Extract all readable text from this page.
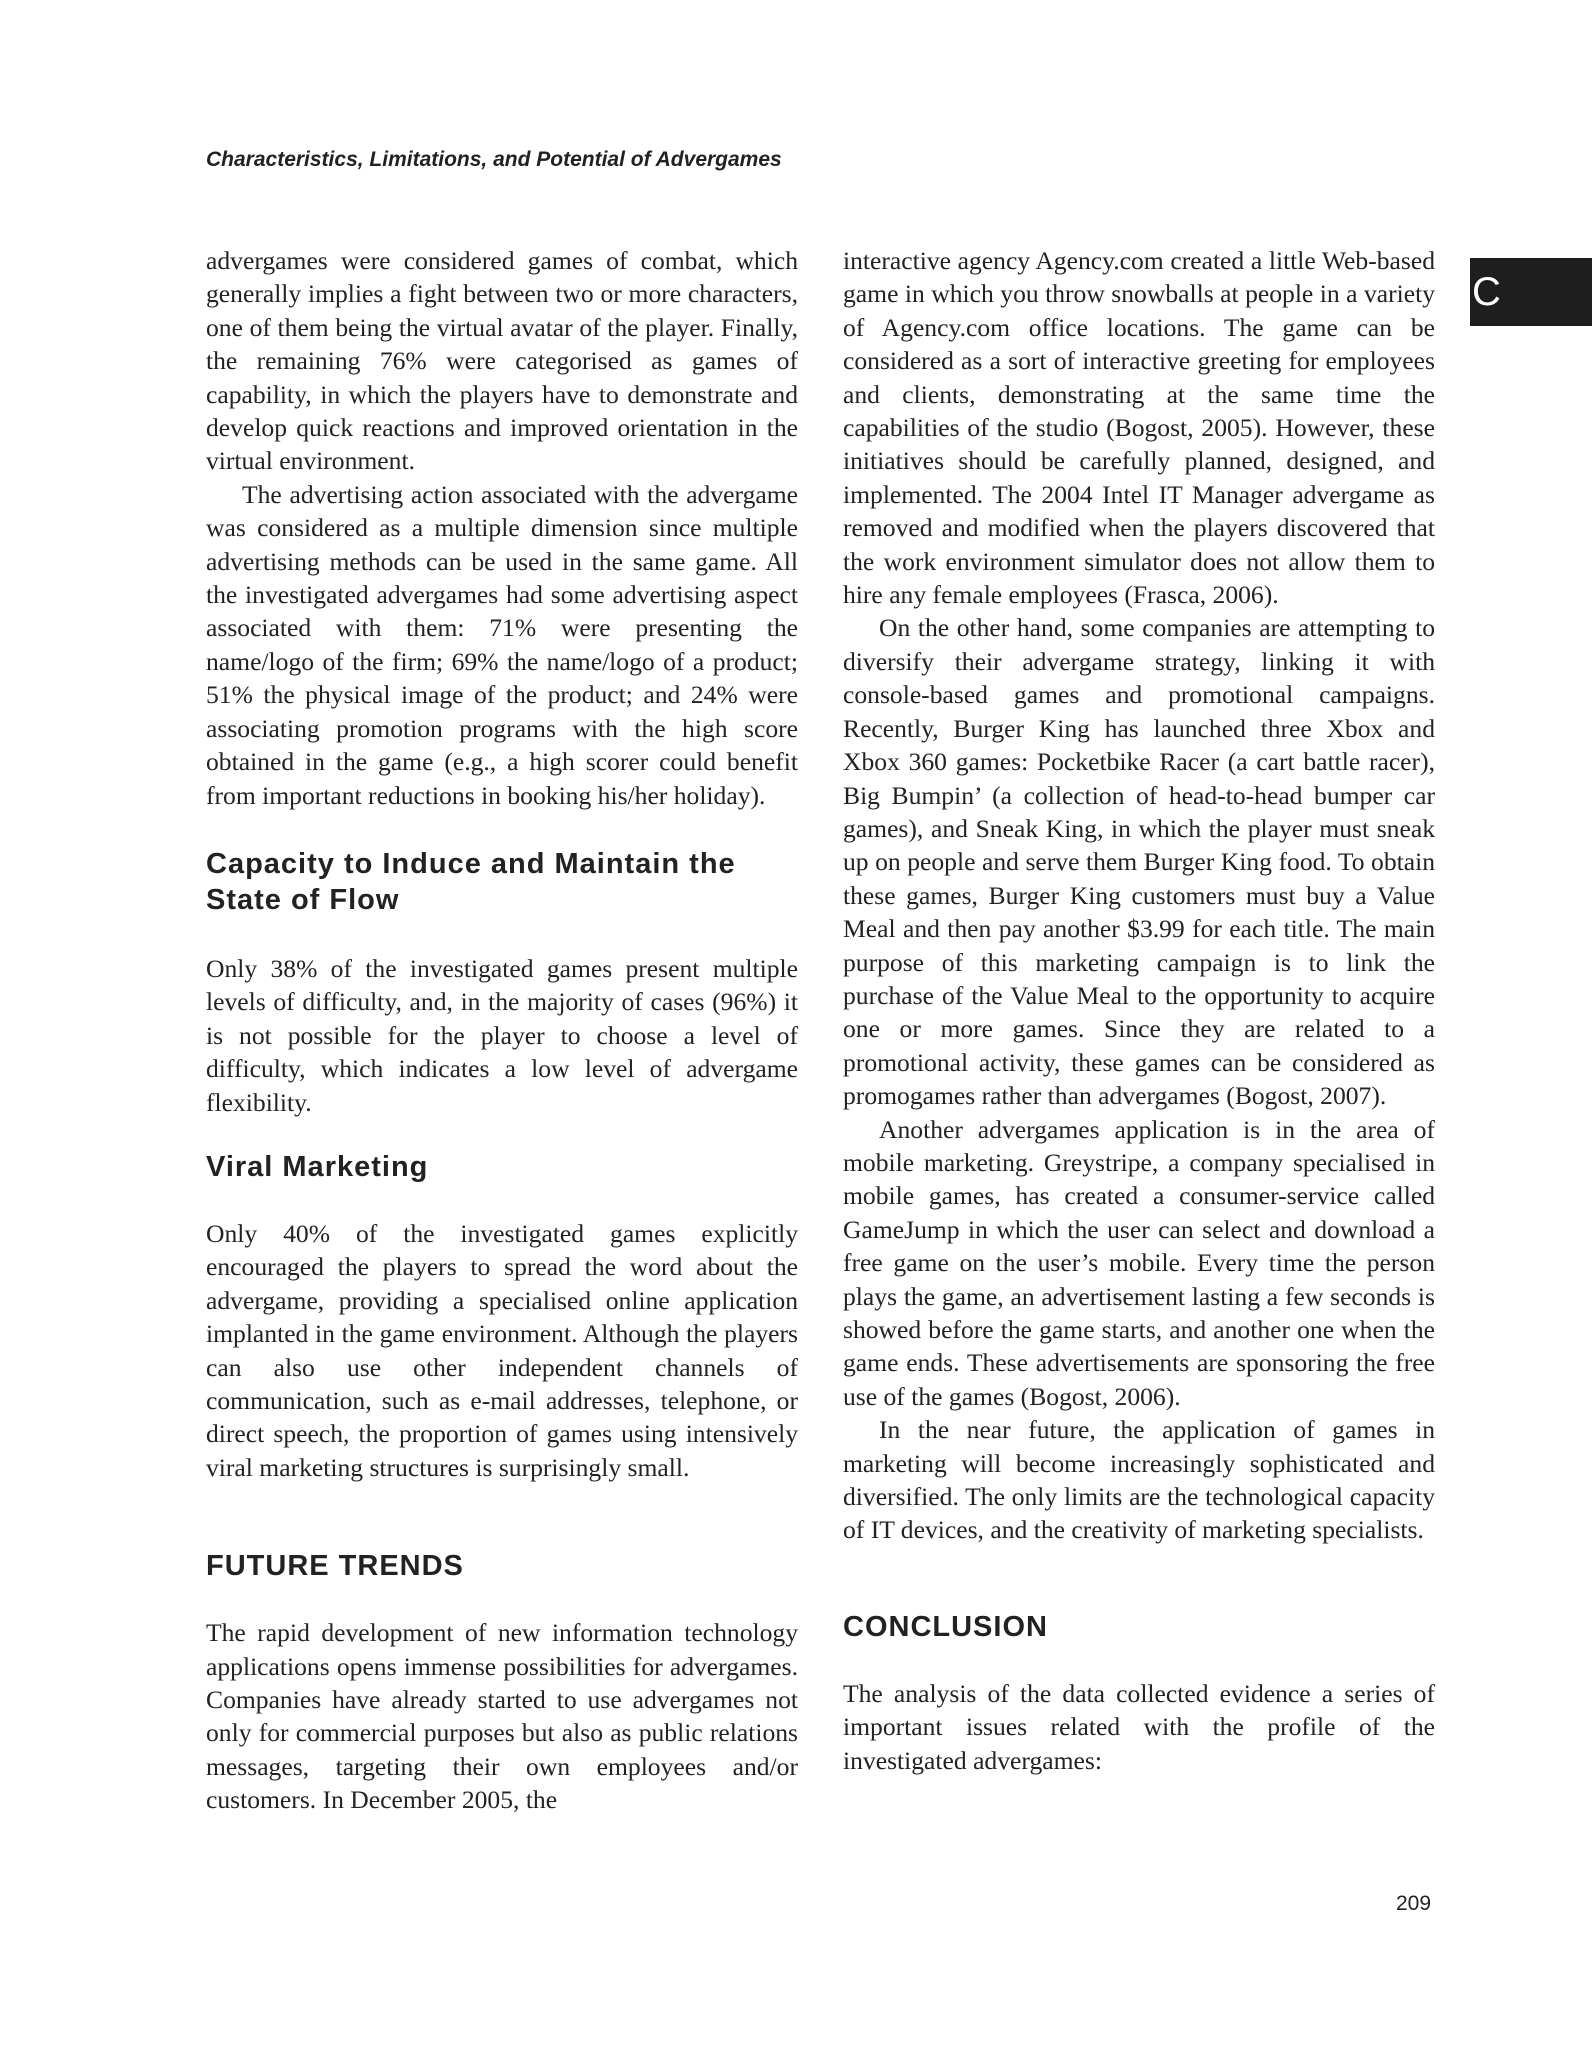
Characteristics, Limitations, and Potential of Advergames
C

advergames were considered games of combat, which generally implies a fight between two or more characters, one of them being the virtual avatar of the player. Finally, the remaining 76% were categorised as games of capability, in which the players have to demonstrate and develop quick reactions and improved orientation in the virtual environment.

The advertising action associated with the advergame was considered as a multiple dimension since multiple advertising methods can be used in the same game. All the investigated advergames had some advertising aspect associated with them: 71% were presenting the name/logo of the firm; 69% the name/logo of a product; 51% the physical image of the product; and 24% were associating promotion programs with the high score obtained in the game (e.g., a high scorer could benefit from important reductions in booking his/her holiday).

Capacity to Induce and Maintain the State of Flow

Only 38% of the investigated games present multiple levels of difficulty, and, in the majority of cases (96%) it is not possible for the player to choose a level of difficulty, which indicates a low level of advergame flexibility.

Viral Marketing

Only 40% of the investigated games explicitly encouraged the players to spread the word about the advergame, providing a specialised online application implanted in the game environment. Although the players can also use other independent channels of communication, such as e-mail addresses, telephone, or direct speech, the proportion of games using intensively viral marketing structures is surprisingly small.

FUTURE TRENDS

The rapid development of new information technology applications opens immense possibilities for advergames. Companies have already started to use advergames not only for commercial purposes but also as public relations messages, targeting their own employees and/or customers. In December 2005, the

interactive agency Agency.com created a little Web-based game in which you throw snowballs at people in a variety of Agency.com office locations. The game can be considered as a sort of interactive greeting for employees and clients, demonstrating at the same time the capabilities of the studio (Bogost, 2005). However, these initiatives should be carefully planned, designed, and implemented. The 2004 Intel IT Manager advergame as removed and modified when the players discovered that the work environment simulator does not allow them to hire any female employees (Frasca, 2006).

On the other hand, some companies are attempting to diversify their advergame strategy, linking it with console-based games and promotional campaigns. Recently, Burger King has launched three Xbox and Xbox 360 games: Pocketbike Racer (a cart battle racer), Big Bumpin’ (a collection of head-to-head bumper car games), and Sneak King, in which the player must sneak up on people and serve them Burger King food. To obtain these games, Burger King customers must buy a Value Meal and then pay another $3.99 for each title. The main purpose of this marketing campaign is to link the purchase of the Value Meal to the opportunity to acquire one or more games. Since they are related to a promotional activity, these games can be considered as promogames rather than advergames (Bogost, 2007).

Another advergames application is in the area of mobile marketing. Greystripe, a company specialised in mobile games, has created a consumer-service called GameJump in which the user can select and download a free game on the user’s mobile. Every time the person plays the game, an advertisement lasting a few seconds is showed before the game starts, and another one when the game ends. These advertisements are sponsoring the free use of the games (Bogost, 2006).

In the near future, the application of games in marketing will become increasingly sophisticated and diversified. The only limits are the technological capacity of IT devices, and the creativity of marketing specialists.

CONCLUSION

The analysis of the data collected evidence a series of important issues related with the profile of the investigated advergames:

209
